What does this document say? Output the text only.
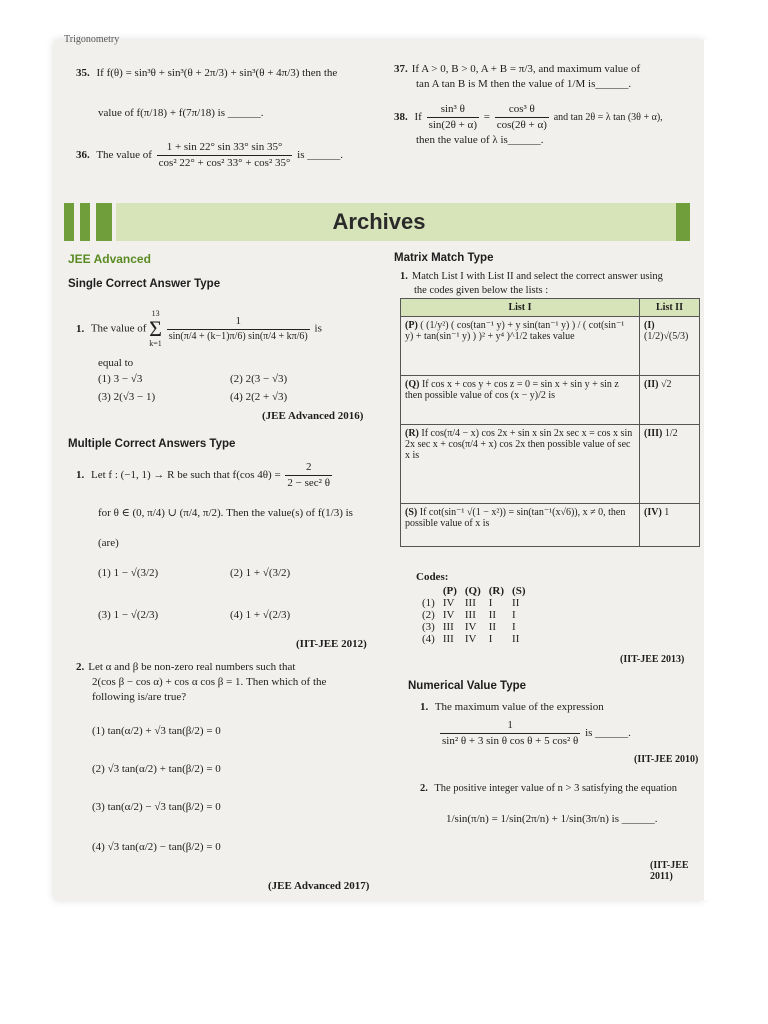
Trigonometry
35. If f(θ) = sin³θ + sin³(θ + 2π/3) + sin³(θ + 4π/3) then the
value of f(π/18) + f(7π/18) is ______.
36. The value of $\frac{1 + \sin 22^\circ \sin 33^\circ \sin 35^\circ}{\text{cos² 22° + cos² 33° + cos² 35°}}$ is ______.
37. If A > 0, B > 0, A + B = π/3, and maximum value of
tan A tan B is M then the value of 1/M is______.
38. If $\frac{\text{sin³ θ}}{\sin(2\theta + \alpha)} = \frac{\text{cos³ θ}}{\cos(2\theta + \alpha)}$ and tan 2θ = λ tan (3θ + α),
then the value of λ is______.
Archives
JEE Advanced
Single Correct Answer Type
1. The value of
13
Σ
k=1
$\frac{1}{\sin(\pi/4 + (k-1)\pi/6) \sin(\pi/4 + k\pi/6)}$ is
equal to
(1) 3 − √3	(2) 2(3 − √3)
(3) 2(√3 − 1)	(4) 2(2 + √3)
(JEE Advanced 2016)
Multiple Correct Answers Type
1. Let f : (−1, 1) → R be such that f(cos $4\theta) = \frac{2}{\text{2 − sec² θ}}$
for θ ∈ (0, π/4) ∪ (π/4, π/2). Then the value(s) of f(1/3) is
(are)
(1) 1 − √(3/2)	(2) 1 + √(3/2)
(3) 1 − √(2/3)	(4) 1 + √(2/3)
(IIT-JEE 2012)
2. Let α and β be non-zero real numbers such that
2(cos β − cos α) + cos α cos β = 1. Then which of the
following is/are true?
(1) tan(α/2) + √3 tan(β/2) = 0
(2) √3 tan(α/2) + tan(β/2) = 0
(3) tan(α/2) − √3 tan(β/2) = 0
(4) √3 tan(α/2) − tan(β/2) = 0
(JEE Advanced 2017)
Matrix Match Type
1. Match List I with List II and select the correct answer using
the codes given below the lists :
List I	List II
(P) ( (1/y²) ( cos(tan⁻¹ y) + y sin(tan⁻¹ y) ) / ( cot(sin⁻¹ y) + tan(sin⁻¹ y) ) )² + y⁴ )^1/2 takes value	(I) (1/2)√(5/3)
(Q) If cos x + cos y + cos z = 0 = sin x + sin y + sin z then possible value of cos (x − y)/2 is	(II) √2
(R) If cos(π/4 − x) cos 2x + sin x sin 2x sec x = cos x sin 2x sec x + cos(π/4 + x) cos 2x then possible value of sec x is	(III) 1/2
(S) If cot(sin⁻¹ √(1 − x²)) = sin(tan⁻¹(x√6)), x ≠ 0, then possible value of x is	(IV) 1
Codes:
	(P)	(Q)	(R)	(S)
(1)	IV	III	I	II
(2)	IV	III	II	I
(3)	III	IV	II	I
(4)	III	IV	I	II
(IIT-JEE 2013)
Numerical Value Type
1. The maximum value of the expression
$\frac{1}{\text{sin² θ + 3 sin θ cos θ + 5 cos² θ}}$ is ______.
(IIT-JEE 2010)
2. The positive integer value of n > 3 satisfying the equation
1/sin(π/n) = 1/sin(2π/n) + 1/sin(3π/n) is ______.
(IIT-JEE 2011)
